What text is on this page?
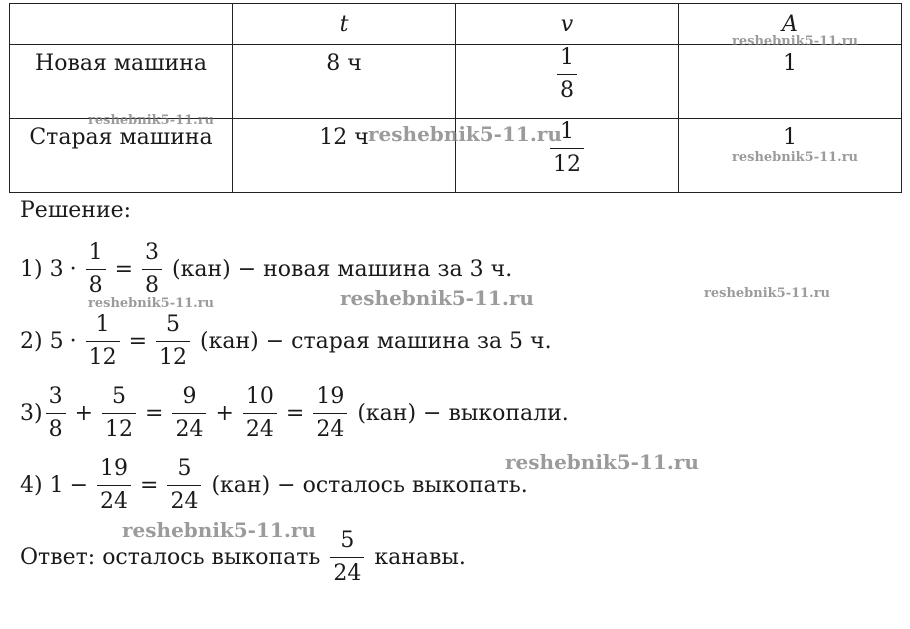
	t	v	A
Новая машина	8 ч	$\frac{1}{8}$	1
Старая машина	12 ч	$\frac{1}{12}$	1
Решение:
1)
$3 \cdot \frac{1}{8} = \frac{3}{8}$
(кан) − новая машина за 3 ч.
2)
$5 \cdot \frac{1}{12} = \frac{5}{12}$
(кан) − старая машина за 5 ч.
$3) \frac{3}{8} + \frac{5}{12} = \frac{9}{24} + \frac{10}{24} = \frac{19}{24}$
(кан) − выкопали.
4)
$1 - \frac{19}{24} = \frac{5}{24}$
(кан) − осталось выкопать.
Ответ: осталось выкопать
$\frac{5}{24}$
канавы.
reshebnik5-11.ru
reshebnik5-11.ru
reshebnik5-11.ru
reshebnik5-11.ru
reshebnik5-11.ru	reshebnik5-11.ru	reshebnik5-11.ru
reshebnik5-11.ru
reshebnik5-11.ru
